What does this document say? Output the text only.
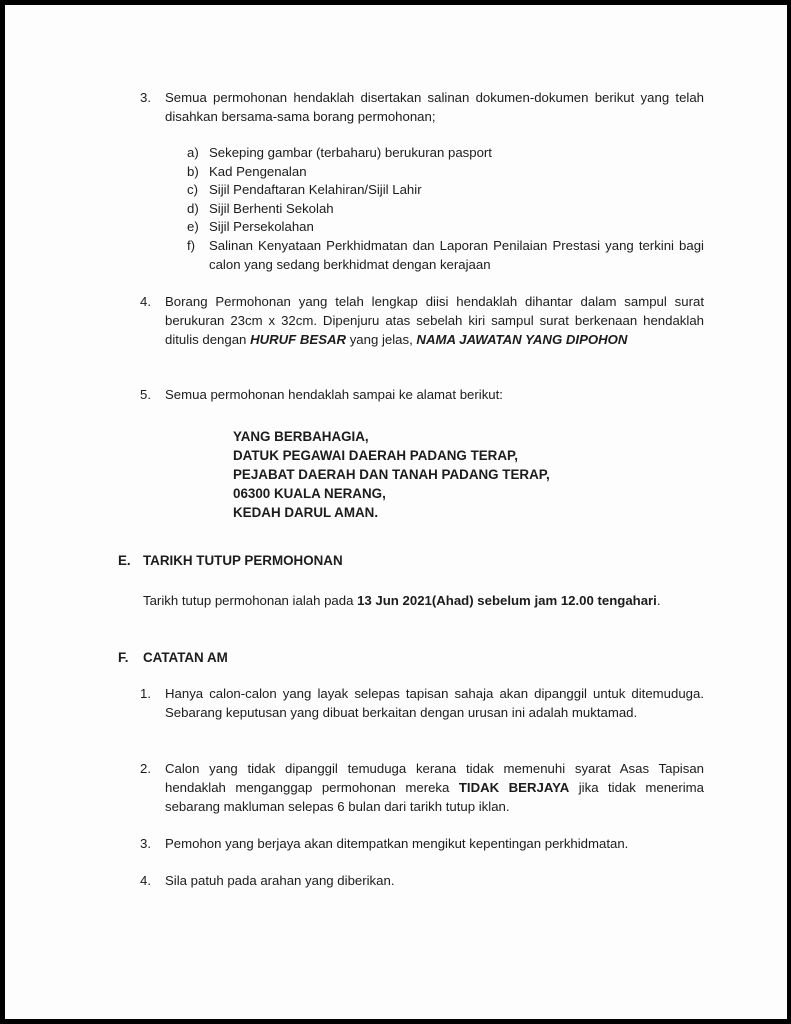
3.	Semua permohonan hendaklah disertakan salinan dokumen-dokumen berikut yang telah disahkan bersama-sama borang permohonan;
a) Sekeping gambar (terbaharu) berukuran pasport
b) Kad Pengenalan
c) Sijil Pendaftaran Kelahiran/Sijil Lahir
d) Sijil Berhenti Sekolah
e) Sijil Persekolahan
f)	Salinan Kenyataan Perkhidmatan dan Laporan Penilaian Prestasi yang terkini bagi calon yang sedang berkhidmat dengan kerajaan
4.	Borang Permohonan yang telah lengkap diisi hendaklah dihantar dalam sampul surat berukuran 23cm x 32cm. Dipenjuru atas sebelah kiri sampul surat berkenaan hendaklah ditulis dengan HURUF BESAR yang jelas, NAMA JAWATAN YANG DIPOHON
5.	Semua permohonan hendaklah sampai ke alamat berikut:
YANG BERBAHAGIA,
DATUK PEGAWAI DAERAH PADANG TERAP,
PEJABAT DAERAH DAN TANAH PADANG TERAP,
06300 KUALA NERANG,
KEDAH DARUL AMAN.
E. TARIKH TUTUP PERMOHONAN
Tarikh tutup permohonan ialah pada 13 Jun 2021(Ahad) sebelum jam 12.00 tengahari.
F. CATATAN AM
1.	Hanya calon-calon yang layak selepas tapisan sahaja akan dipanggil untuk ditemuduga. Sebarang keputusan yang dibuat berkaitan dengan urusan ini adalah muktamad.
2.	Calon yang tidak dipanggil temuduga kerana tidak memenuhi syarat Asas Tapisan hendaklah menganggap permohonan mereka TIDAK BERJAYA jika tidak menerima sebarang makluman selepas 6 bulan dari tarikh tutup iklan.
3.	Pemohon yang berjaya akan ditempatkan mengikut kepentingan perkhidmatan.
4.	Sila patuh pada arahan yang diberikan.
